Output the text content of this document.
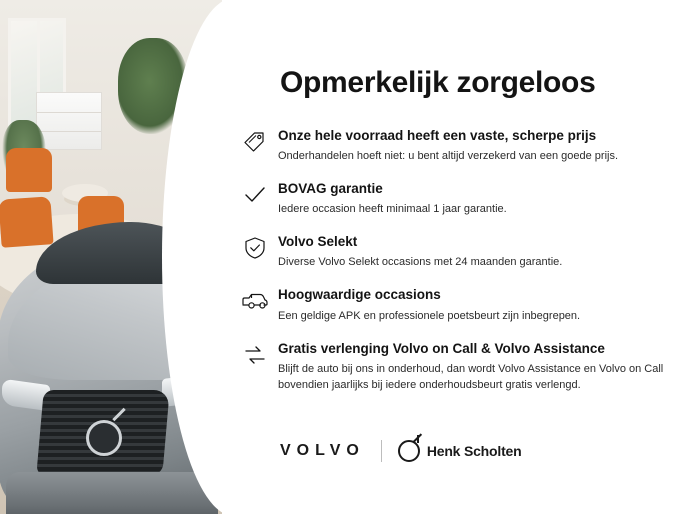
Opmerkelijk zorgeloos

Onze hele voorraad heeft een vaste, scherpe prijs

Onderhandelen hoeft niet: u bent altijd verzekerd van een goede prijs.

BOVAG garantie

Iedere occasion heeft minimaal 1 jaar garantie.

Volvo Selekt

Diverse Volvo Selekt occasions met 24 maanden garantie.

Hoogwaardige occasions

Een geldige APK en professionele poetsbeurt zijn inbegrepen.

Gratis verlenging Volvo on Call & Volvo Assistance

Blijft de auto bij ons in onderhoud, dan wordt Volvo Assistance en Volvo on Call bovendien jaarlijks bij iedere onderhoudsbeurt gratis verlengd.

VOLVO	Henk Scholten
